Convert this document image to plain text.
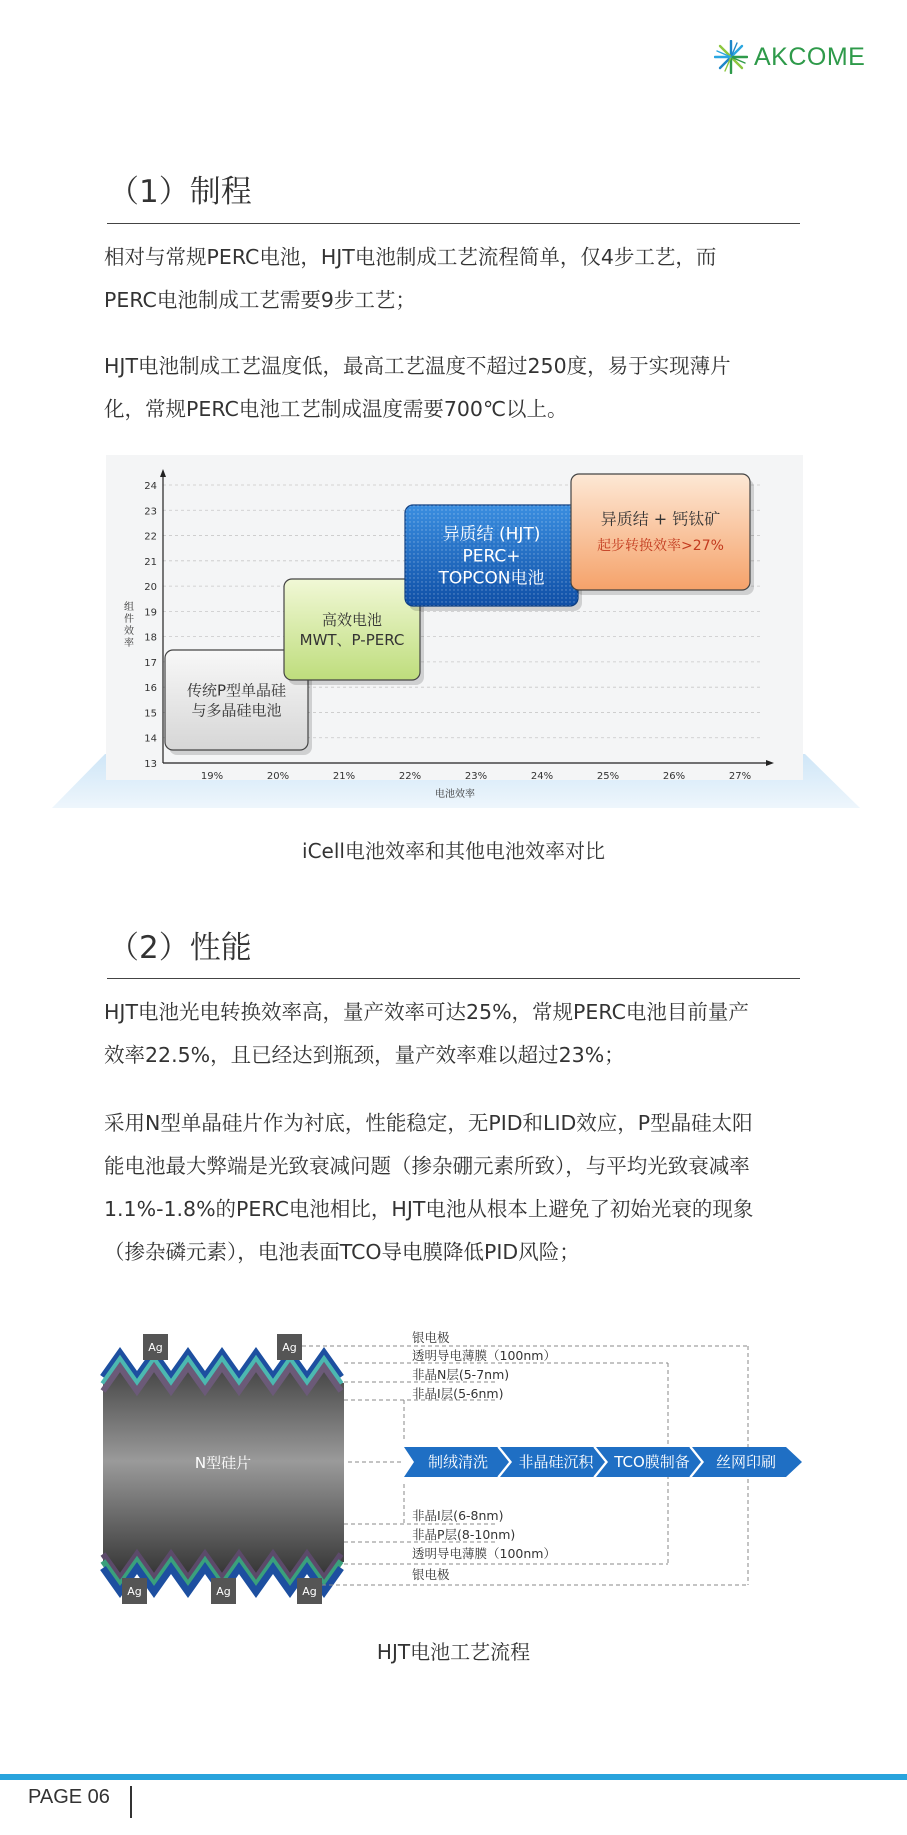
AKCOME
（1）制程
相对与常规PERC电池，HJT电池制成工艺流程简单，仅4步工艺，而
PERC电池制成工艺需要9步工艺；
HJT电池制成工艺温度低，最高工艺温度不超过250度，易于实现薄片
化，常规PERC电池工艺制成温度需要700℃以上。
13
14
15
16
17
18
19
20
21
22
23
24
19%	20%	21%	22%	23%	24%	25%	26%	27%
电池效率
组
件
效
率
传统P型单晶硅
与多晶硅电池
高效电池
MWT、P-PERC
异质结 (HJT)
PERC+
TOPCON电池
异质结 + 钙钛矿
起步转换效率>27%
iCell电池效率和其他电池效率对比
（2）性能
HJT电池光电转换效率高，量产效率可达25%，常规PERC电池目前量产
效率22.5%，且已经达到瓶颈，量产效率难以超过23%；
采用N型单晶硅片作为衬底，性能稳定，无PID和LID效应，P型晶硅太阳
能电池最大弊端是光致衰减问题（掺杂硼元素所致），与平均光致衰减率
1.1%-1.8%的PERC电池相比，HJT电池从根本上避免了初始光衰的现象
（掺杂磷元素），电池表面TCO导电膜降低PID风险；
Ag	Ag
Ag	Ag	Ag
N型硅片
银电极
透明导电薄膜（100nm）
非晶N层(5-7nm)
非晶I层(5-6nm)
非晶I层(6-8nm)
非晶P层(8-10nm)
透明导电薄膜（100nm）
银电极
制绒清洗 非晶硅沉积 TCO膜制备 丝网印刷
HJT电池工艺流程
PAGE 06
